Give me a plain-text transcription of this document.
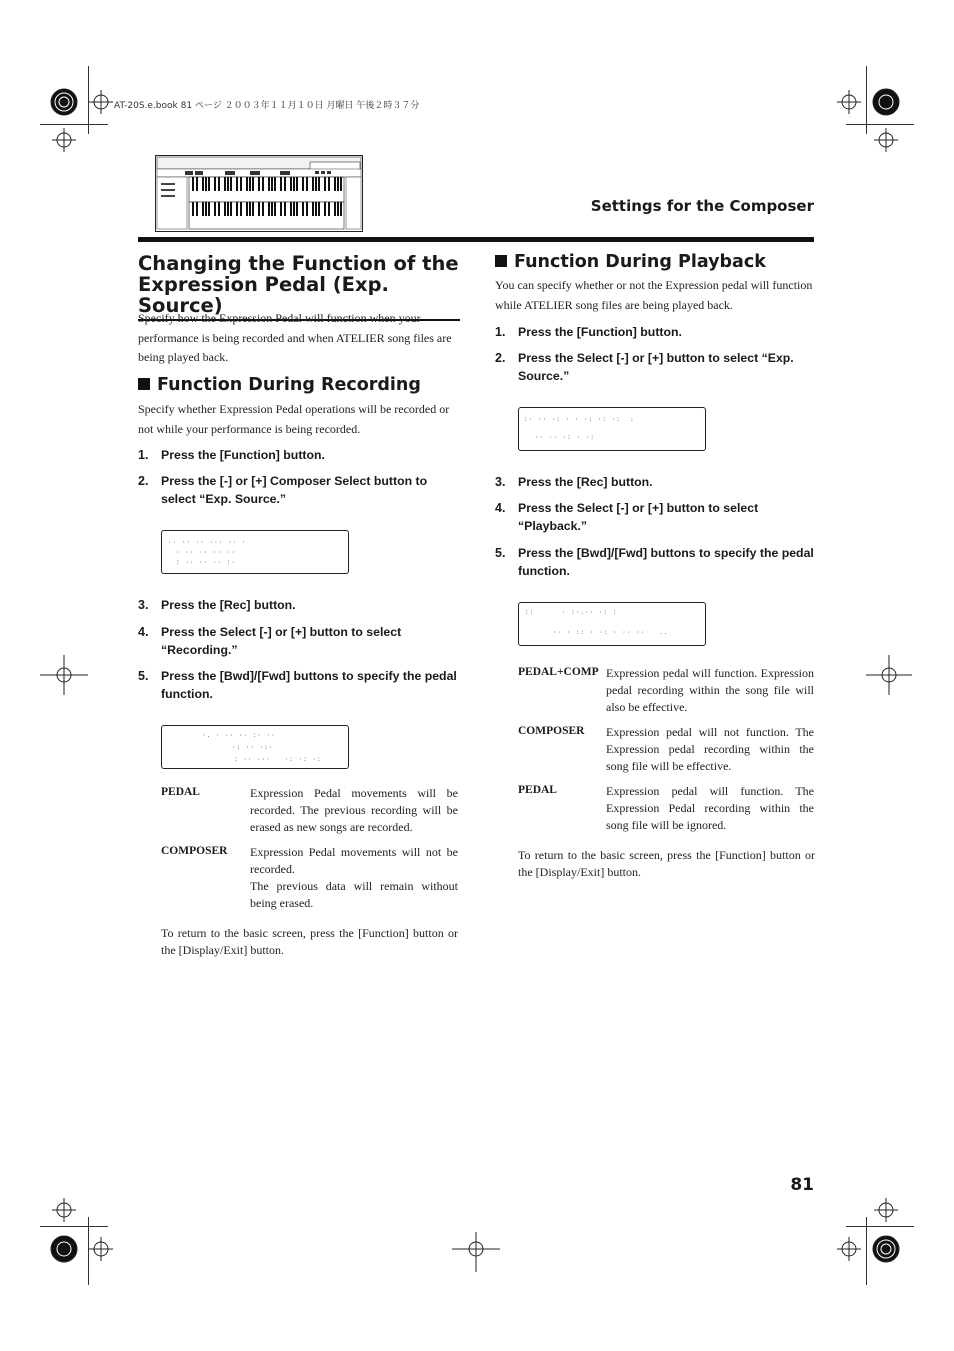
AT-20S.e.book 81 ページ ２００３年１１月１０日 月曜日 午後２時３７分
Settings for the Composer
Changing the Function of the
Expression Pedal (Exp. Source)
Specify how the Expression Pedal will function when your performance is being recorded and when ATELIER song files are being played back.
Function During Recording
Specify whether Expression Pedal operations will be recorded or not while your performance is being recorded.
1. Press the [Function] button.
2. Press the [-] or [+] Composer Select button to select “Exp. Source.”
·· ·· ·· ··· ·· ·
· ·· ·· ·· ··
: ·· ·· ·· :·
3. Press the [Rec] button.
4. Press the Select [-] or [+] button to select “Recording.”
5. Press the [Bwd]/[Fwd] buttons to specify the pedal function.
·. · ·· ·· :· ··
·: ·· ·:·
: ·· ···   ·: ·: ·:
PEDAL	Expression Pedal movements will be recorded. The previous recording will be erased as new songs are recorded.
COMPOSER Expression Pedal movements will not be recorded.
The previous data will remain without being erased.
To return to the basic screen, press the [Function] button or the [Display/Exit] button.
Function During Playback
You can specify whether or not the Expression pedal will function while ATELIER song files are being played back.
1. Press the [Function] button.
2. Press the Select [-] or [+] button to select “Exp. Source.”
:· ·· ·: · · ·: ·: ·:  :
·· ·· ·: · ·:
3. Press the [Rec] button.
4. Press the Select [-] or [+] button to select “Playback.”
5. Press the [Bwd]/[Fwd] buttons to specify the pedal function.
::      · :·.·· ·: :
·· · :: · ·: · ·· ··   ..
PEDAL+COMP Expression pedal will function. Expression pedal recording within the song file will also be effective.
COMPOSER Expression pedal will not function. The Expression pedal recording within the song file will be effective.
PEDAL	Expression pedal will function. The Expression Pedal recording within the song file will be ignored.
To return to the basic screen, press the [Function] button or the [Display/Exit] button.
81
